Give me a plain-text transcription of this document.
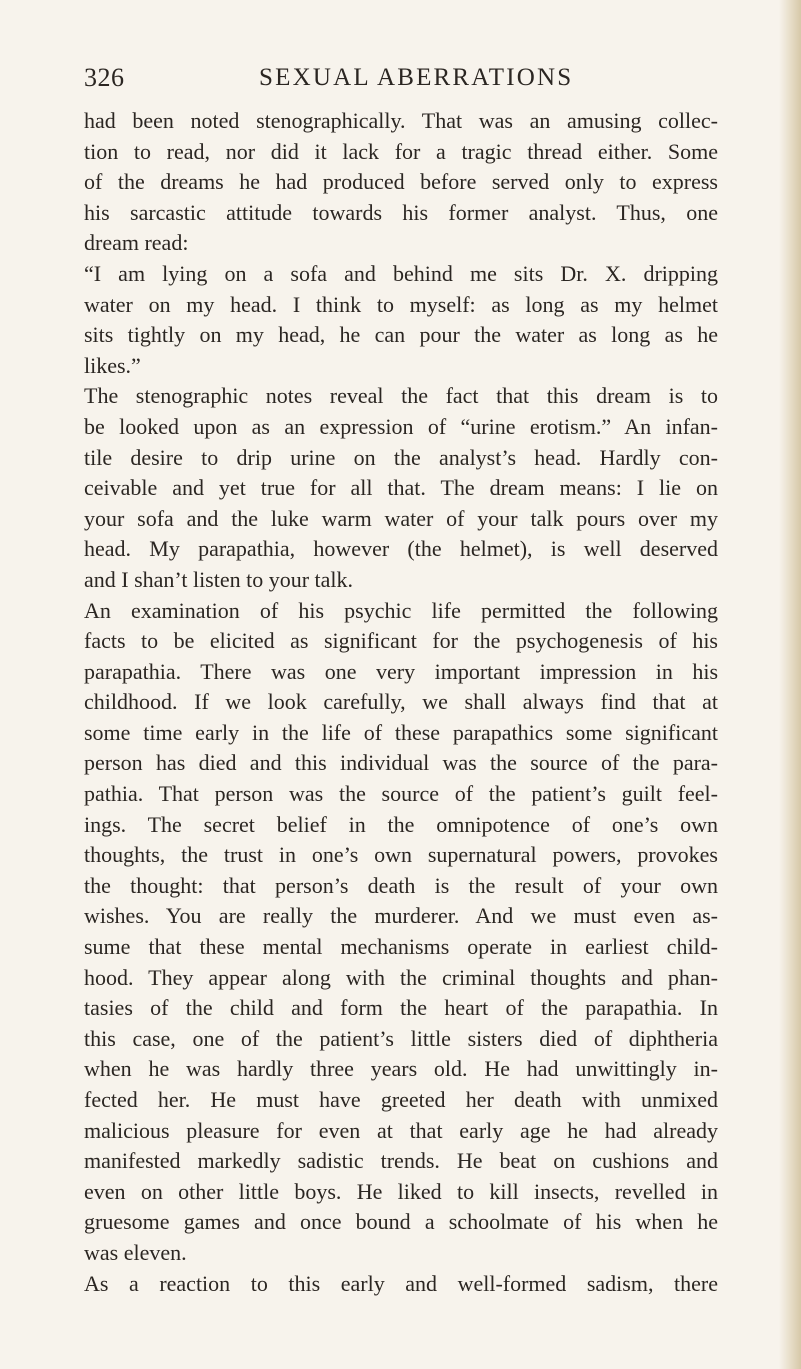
326	SEXUAL ABERRATIONS
had been noted stenographically. That was an amusing collec-
tion to read, nor did it lack for a tragic thread either. Some
of the dreams he had produced before served only to express
his sarcastic attitude towards his former analyst. Thus, one
dream read:
“I am lying on a sofa and behind me sits Dr. X. dripping
water on my head. I think to myself: as long as my helmet
sits tightly on my head, he can pour the water as long as he
likes.”
The stenographic notes reveal the fact that this dream is to
be looked upon as an expression of “urine erotism.” An infan-
tile desire to drip urine on the analyst’s head. Hardly con-
ceivable and yet true for all that. The dream means: I lie on
your sofa and the luke warm water of your talk pours over my
head. My parapathia, however (the helmet), is well deserved
and I shan’t listen to your talk.
An examination of his psychic life permitted the following
facts to be elicited as significant for the psychogenesis of his
parapathia. There was one very important impression in his
childhood. If we look carefully, we shall always find that at
some time early in the life of these parapathics some significant
person has died and this individual was the source of the para-
pathia. That person was the source of the patient’s guilt feel-
ings. The secret belief in the omnipotence of one’s own
thoughts, the trust in one’s own supernatural powers, provokes
the thought: that person’s death is the result of your own
wishes. You are really the murderer. And we must even as-
sume that these mental mechanisms operate in earliest child-
hood. They appear along with the criminal thoughts and phan-
tasies of the child and form the heart of the parapathia. In
this case, one of the patient’s little sisters died of diphtheria
when he was hardly three years old. He had unwittingly in-
fected her. He must have greeted her death with unmixed
malicious pleasure for even at that early age he had already
manifested markedly sadistic trends. He beat on cushions and
even on other little boys. He liked to kill insects, revelled in
gruesome games and once bound a schoolmate of his when he
was eleven.
As a reaction to this early and well-formed sadism, there
